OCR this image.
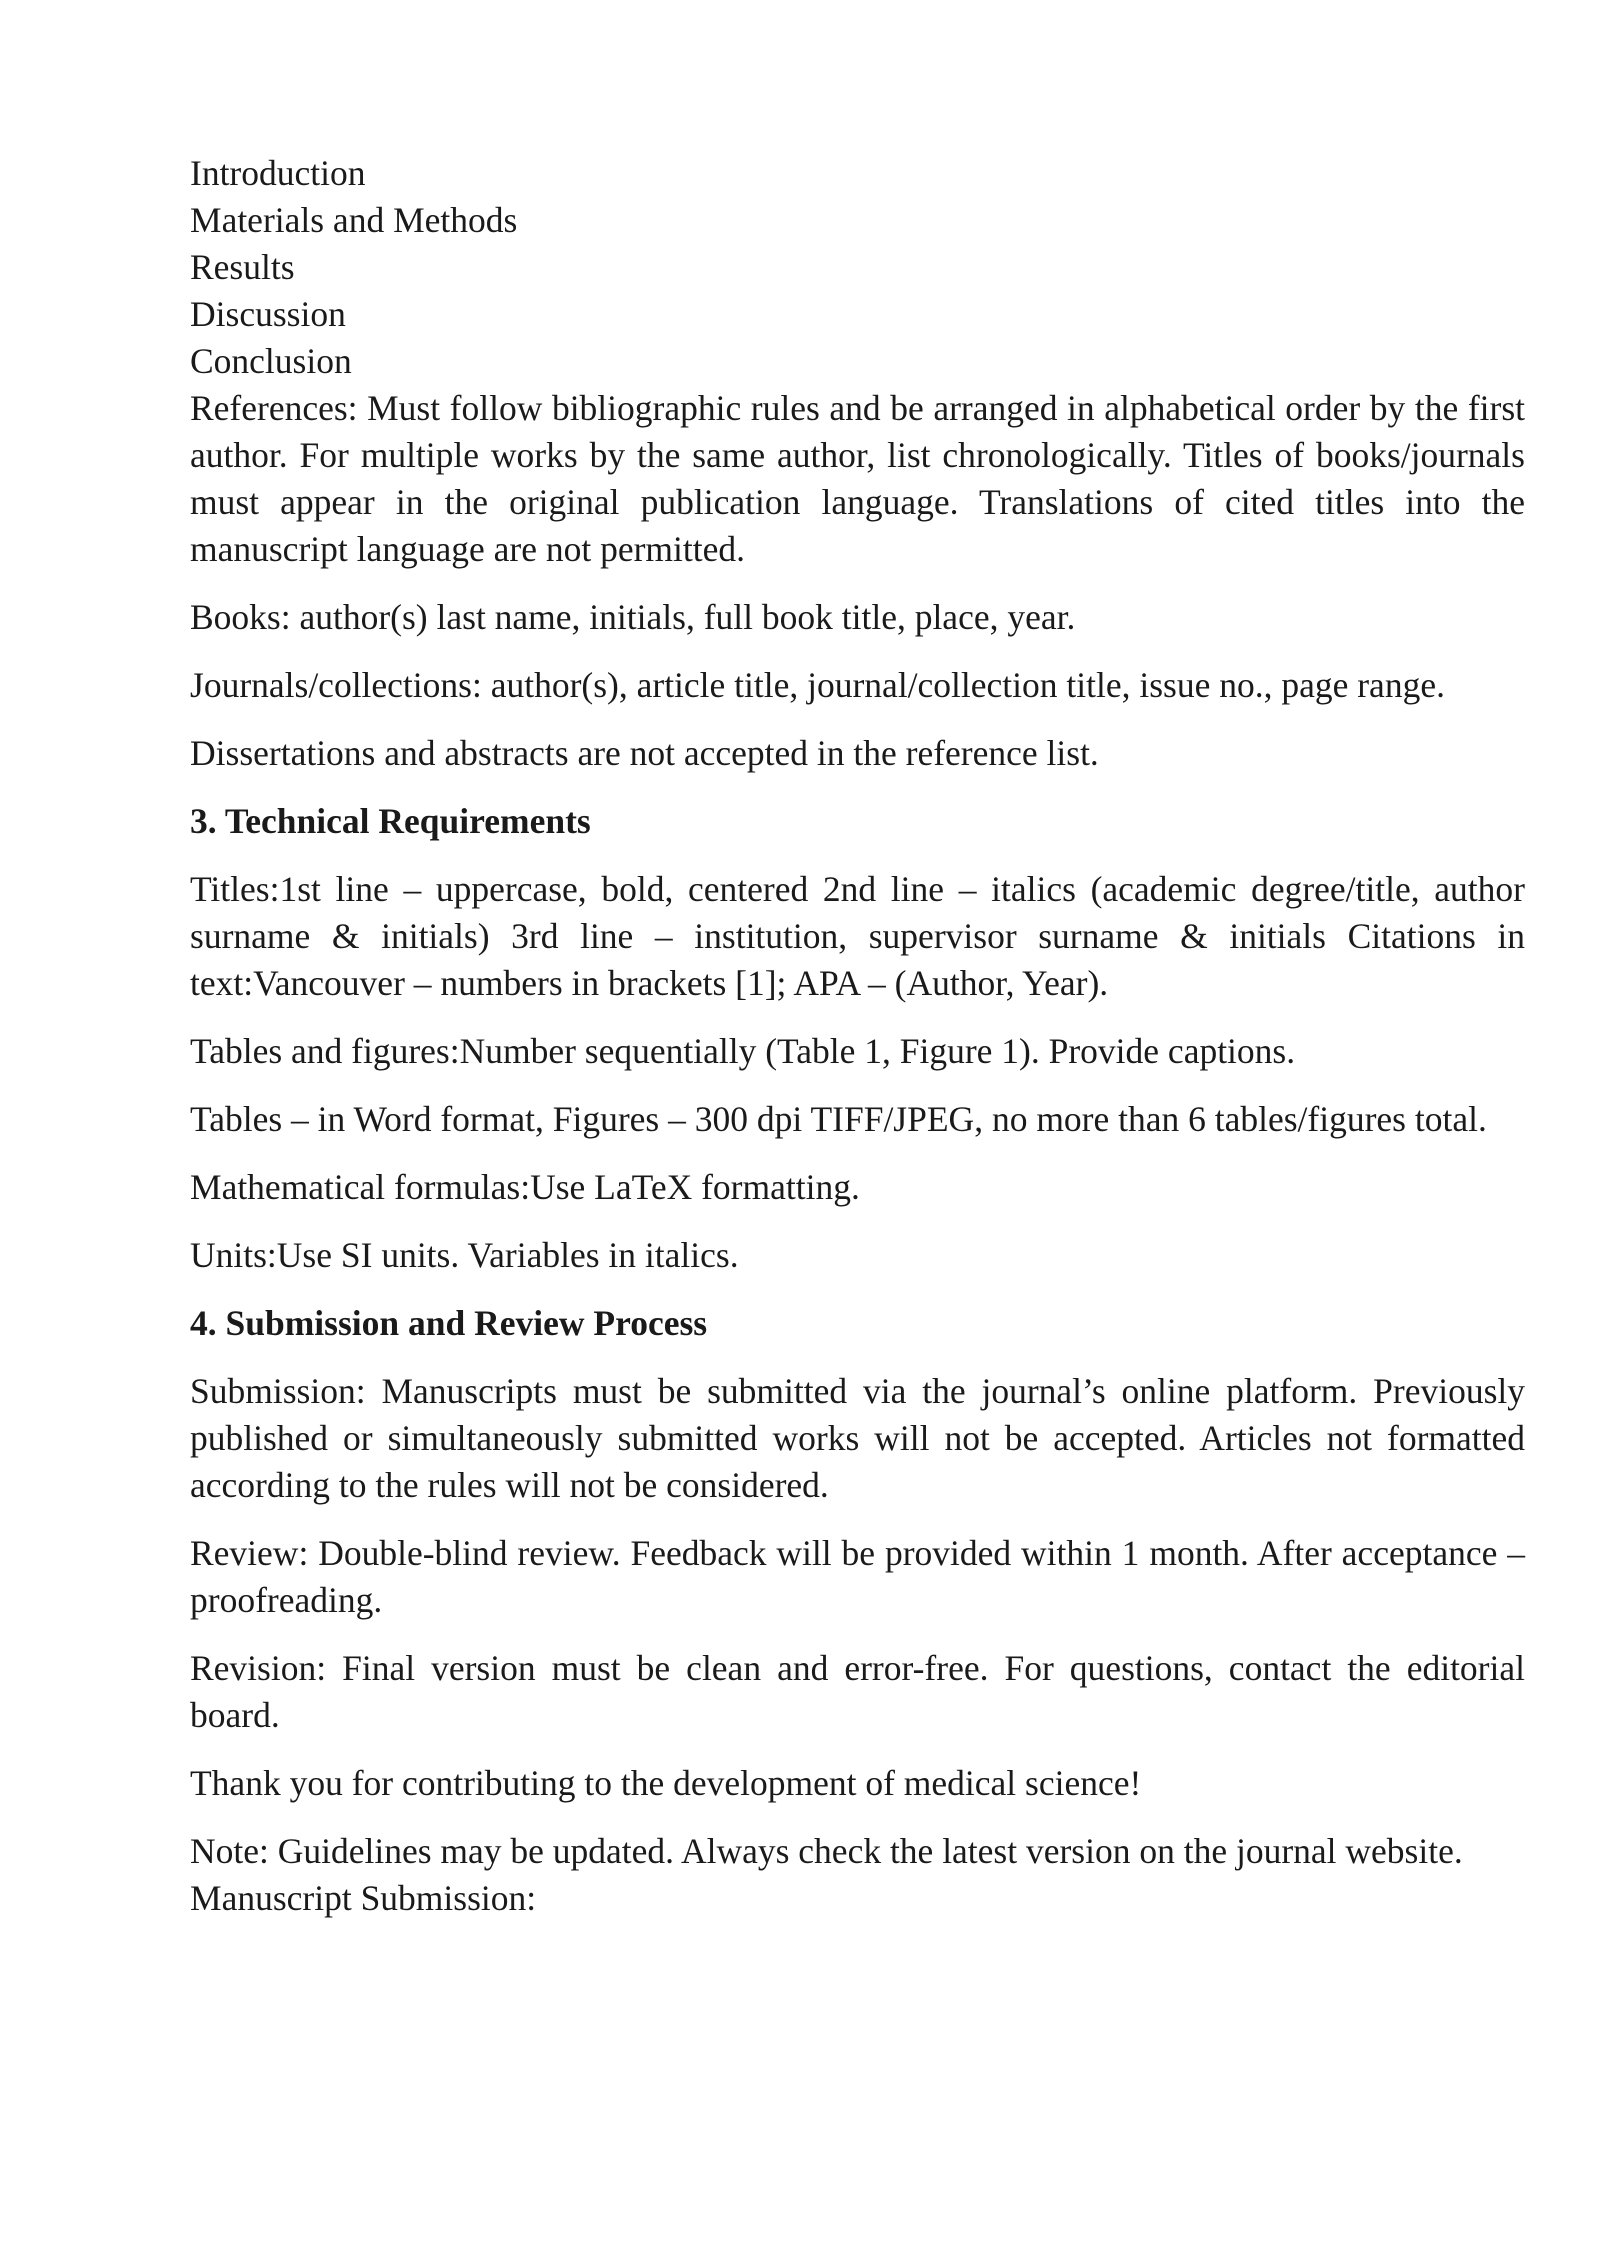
Introduction
Materials and Methods
Results
Discussion
Conclusion

References: Must follow bibliographic rules and be arranged in alphabetical order by the first author. For multiple works by the same author, list chronologically. Titles of books/journals must appear in the original publication language. Translations of cited titles into the manuscript language are not permitted.

Books: author(s) last name, initials, full book title, place, year.

Journals/collections: author(s), article title, journal/collection title, issue no., page range.

Dissertations and abstracts are not accepted in the reference list.

3. Technical Requirements

Titles:1st line – uppercase, bold, centered 2nd line – italics (academic degree/title, author surname & initials) 3rd line – institution, supervisor surname & initials Citations in text:Vancouver – numbers in brackets [1]; APA – (Author, Year).

Tables and figures:Number sequentially (Table 1, Figure 1). Provide captions.

Tables – in Word format, Figures – 300 dpi TIFF/JPEG, no more than 6 tables/figures total.

Mathematical formulas:Use LaTeX formatting.

Units:Use SI units. Variables in italics.

4. Submission and Review Process

Submission: Manuscripts must be submitted via the journal’s online platform. Previously published or simultaneously submitted works will not be accepted. Articles not formatted according to the rules will not be considered.

Review: Double-blind review. Feedback will be provided within 1 month. After acceptance – proofreading.

Revision: Final version must be clean and error-free. For questions, contact the editorial board.

Thank you for contributing to the development of medical science!

Note: Guidelines may be updated. Always check the latest version on the journal website.

Manuscript Submission:
